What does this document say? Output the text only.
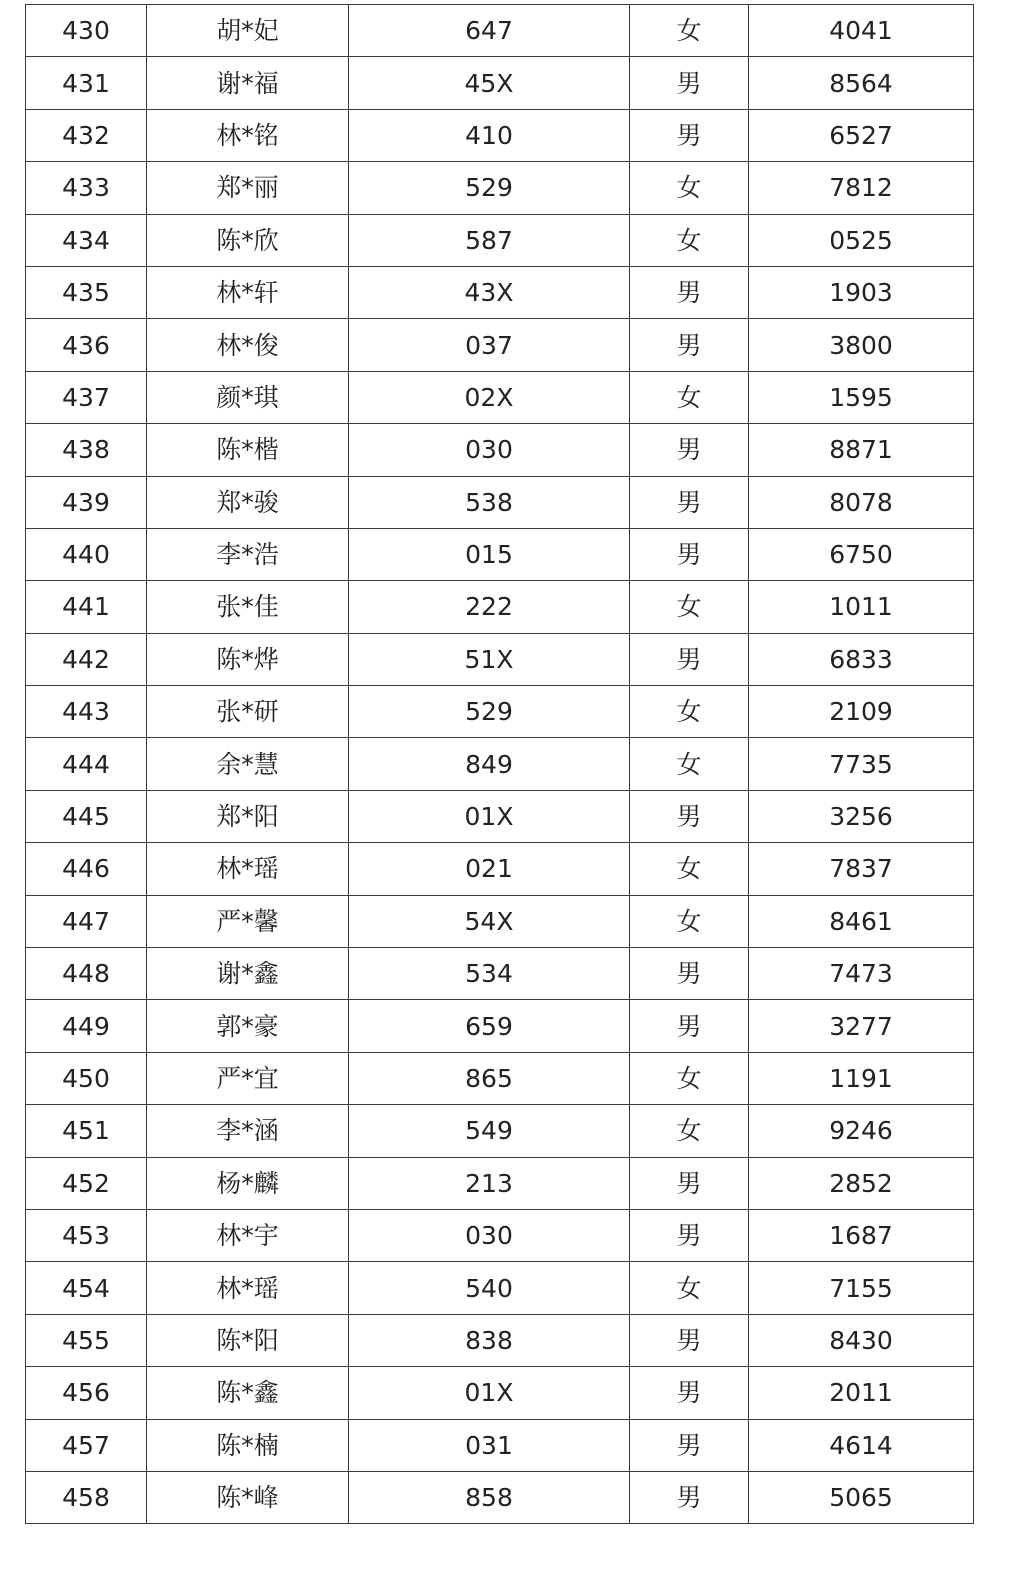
430	胡*妃	647	女	4041
431	谢*福	45X	男	8564
432	林*铭	410	男	6527
433	郑*丽	529	女	7812
434	陈*欣	587	女	0525
435	林*轩	43X	男	1903
436	林*俊	037	男	3800
437	颜*琪	02X	女	1595
438	陈*楷	030	男	8871
439	郑*骏	538	男	8078
440	李*浩	015	男	6750
441	张*佳	222	女	1011
442	陈*烨	51X	男	6833
443	张*研	529	女	2109
444	余*慧	849	女	7735
445	郑*阳	01X	男	3256
446	林*瑶	021	女	7837
447	严*馨	54X	女	8461
448	谢*鑫	534	男	7473
449	郭*豪	659	男	3277
450	严*宜	865	女	1191
451	李*涵	549	女	9246
452	杨*麟	213	男	2852
453	林*宇	030	男	1687
454	林*瑶	540	女	7155
455	陈*阳	838	男	8430
456	陈*鑫	01X	男	2011
457	陈*楠	031	男	4614
458	陈*峰	858	男	5065
